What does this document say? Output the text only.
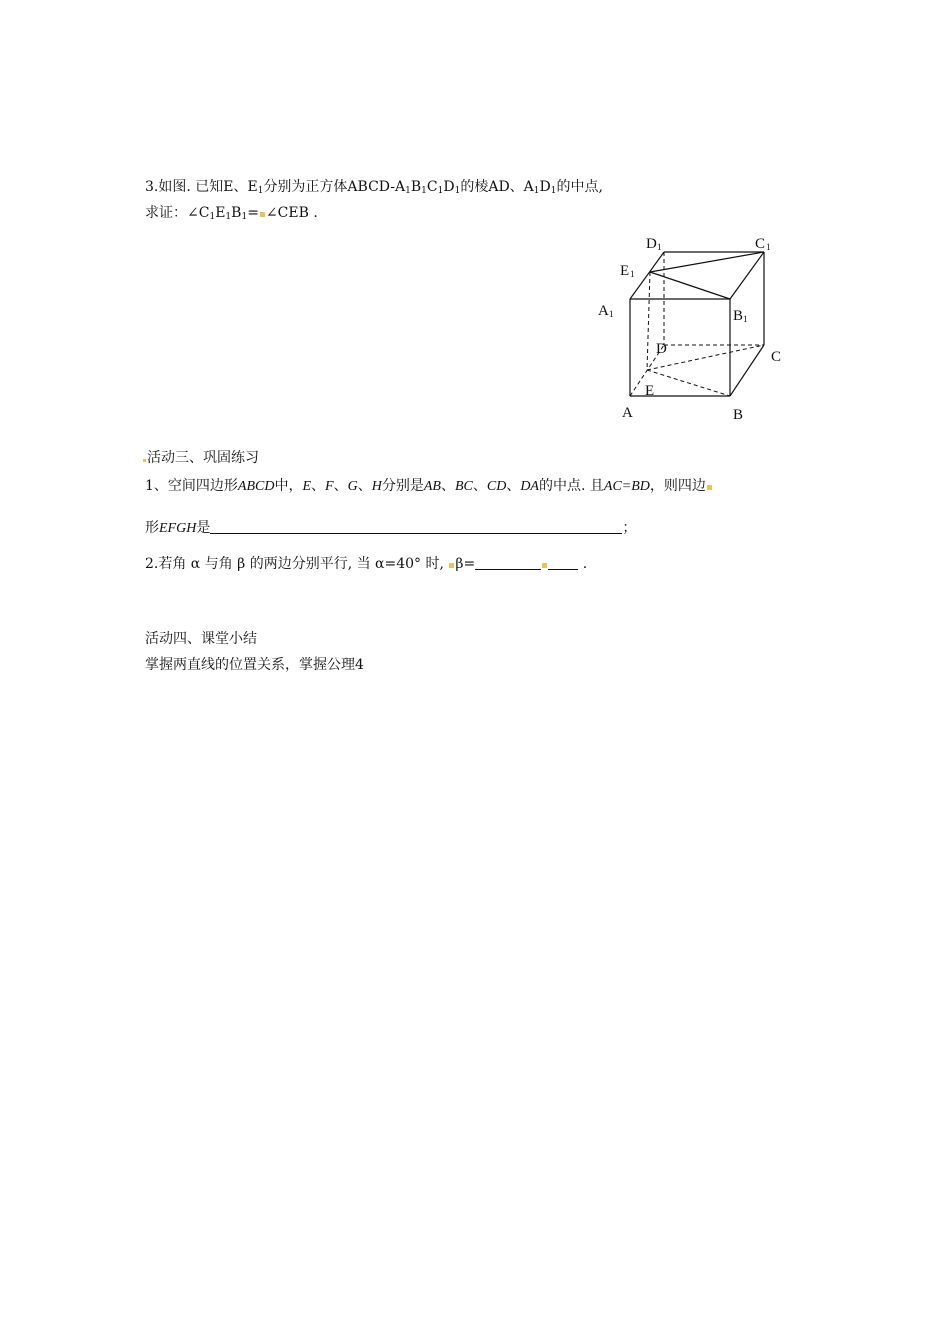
3.如图. 已知E、$E_1$分别为正方体ABCD-$A_1B_1C_1D_1$的棱AD、$A_1D_1$的中点,
求证：$\angle C_1E_1B_1=$ ∠CEB .
D 1	C 1
E 1
A 1	B 1
D	C
E
A	B
活动三、巩固练习
1、空间四边形ABCD中，E、F、G、H分别是AB、BC、CD、DA的中点. 且AC=BD，则四边
形EFGH是	；
2.若角 α 与角 β 的两边分别平行, 当 α=40° 时, β=	.
活动四、课堂小结
掌握两直线的位置关系，掌握公理4
